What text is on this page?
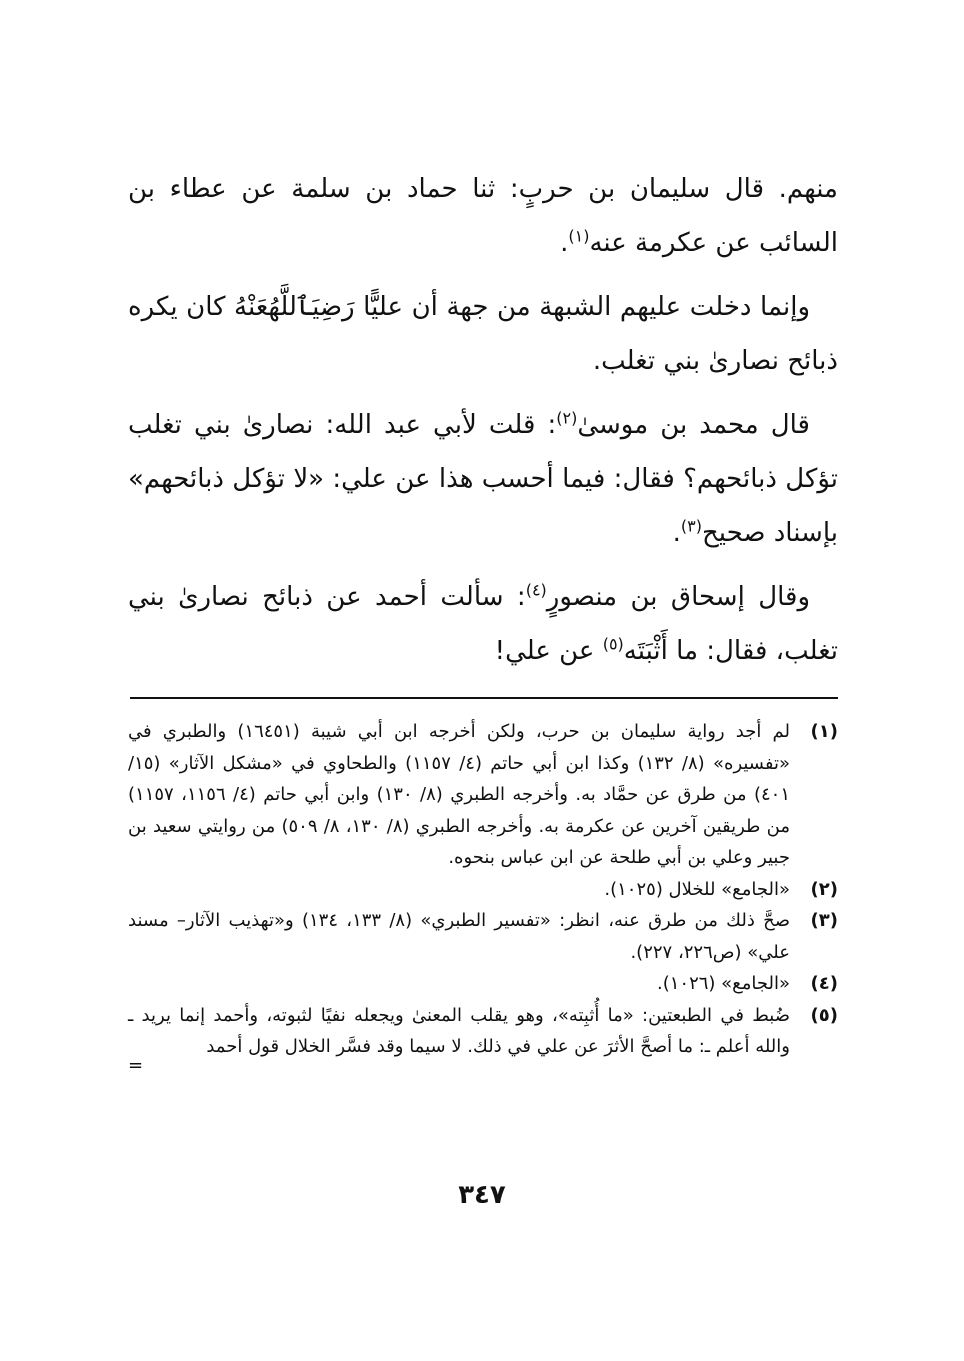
منهم. قال سليمان بن حربٍ: ثنا حماد بن سلمة عن عطاء بن السائب عن عكرمة عنه$^{(١)}$.

وإنما دخلت عليهم الشبهة من جهة أن عليًّا رَضِيَٱللَّهُعَنْهُ كان يكره ذبائح نصارىٰ بني تغلب.

قال محمد بن موسىٰ$^{(٢)}$: قلت لأبي عبد الله: نصارىٰ بني تغلب تؤكل ذبائحهم؟ فقال: فيما أحسب هذا عن علي: «لا تؤكل ذبائحهم» بإسناد صحيح$^{(٣)}$.

وقال إسحاق بن منصورٍ$^{(٤)}$: سألت أحمد عن ذبائح نصارىٰ بني تغلب، فقال: ما أَثْبَتَه$^{(٥)}$ عن علي!

(١)
لم أجد رواية سليمان بن حرب، ولكن أخرجه ابن أبي شيبة (١٦٤٥١) والطبري في «تفسيره» (٨/ ١٣٢) وكذا ابن أبي حاتم (٤/ ١١٥٧) والطحاوي في «مشكل الآثار» (١٥/ ٤٠١) من طرق عن حمَّاد به. وأخرجه الطبري (٨/ ١٣٠) وابن أبي حاتم (٤/ ١١٥٦، ١١٥٧) من طريقين آخرين عن عكرمة به. وأخرجه الطبري (٨/ ١٣٠، ٨/ ٥٠٩) من روايتي سعيد بن جبير وعلي بن أبي طلحة عن ابن عباس بنحوه.
(٢)
«الجامع» للخلال (١٠٢٥).
(٣)
صحَّ ذلك من طرق عنه، انظر: «تفسير الطبري» (٨/ ١٣٣، ١٣٤) و«تهذيب الآثار– مسند علي» (ص٢٢٦، ٢٢٧).
(٤)
«الجامع» (١٠٢٦).
(٥)
ضُبط في الطبعتين: «ما أُثبِته»، وهو يقلب المعنىٰ ويجعله نفيًا لثبوته، وأحمد إنما يريد ـ والله أعلم ـ: ما أصحَّ الأثرَ عن علي في ذلك. لا سيما وقد فسَّر الخلال قول أحمد
=
٣٤٧
